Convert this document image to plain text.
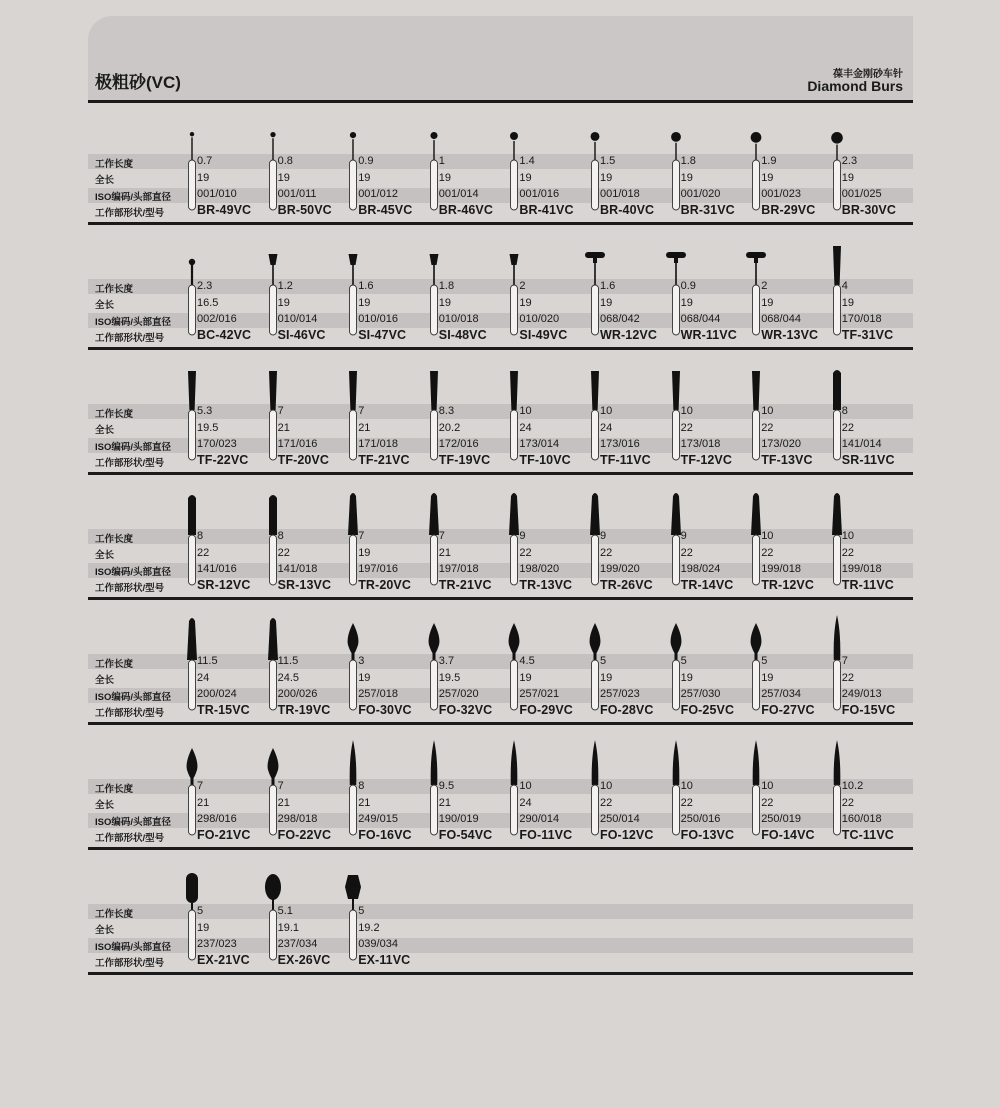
极粗砂(VC)	葆丰金刚砂车针
Diamond Burs
工作长度
全长
ISO编码/头部直径
工作部形状/型号
0.7
19
001/010
BR-49VC
0.8
19
001/011
BR-50VC
0.9
19
001/012
BR-45VC
1
19
001/014
BR-46VC
1.4
19
001/016
BR-41VC
1.5
19
001/018
BR-40VC
1.8
19
001/020
BR-31VC
1.9
19
001/023
BR-29VC
2.3
19
001/025
BR-30VC
工作长度
全长
ISO编码/头部直径
工作部形状/型号
2.3
16.5
002/016
BC-42VC
1.2
19
010/014
SI-46VC
1.6
19
010/016
SI-47VC
1.8
19
010/018
SI-48VC
2
19
010/020
SI-49VC
1.6
19
068/042
WR-12VC
0.9
19
068/044
WR-11VC
2
19
068/044
WR-13VC
4
19
170/018
TF-31VC
工作长度
全长
ISO编码/头部直径
工作部形状/型号
5.3
19.5
170/023
TF-22VC
7
21
171/016
TF-20VC
7
21
171/018
TF-21VC
8.3
20.2
172/016
TF-19VC
10
24
173/014
TF-10VC
10
24
173/016
TF-11VC
10
22
173/018
TF-12VC
10
22
173/020
TF-13VC
8
22
141/014
SR-11VC
工作长度
全长
ISO编码/头部直径
工作部形状/型号
8
22
141/016
SR-12VC
8
22
141/018
SR-13VC
7
19
197/016
TR-20VC
7
21
197/018
TR-21VC
9
22
198/020
TR-13VC
9
22
199/020
TR-26VC
9
22
198/024
TR-14VC
10
22
199/018
TR-12VC
10
22
199/018
TR-11VC
工作长度
全长
ISO编码/头部直径
工作部形状/型号
11.5
24
200/024
TR-15VC
11.5
24.5
200/026
TR-19VC
3
19
257/018
FO-30VC
3.7
19.5
257/020
FO-32VC
4.5
19
257/021
FO-29VC
5
19
257/023
FO-28VC
5
19
257/030
FO-25VC
5
19
257/034
FO-27VC
7
22
249/013
FO-15VC
工作长度
全长
ISO编码/头部直径
工作部形状/型号
7
21
298/016
FO-21VC
7
21
298/018
FO-22VC
8
21
249/015
FO-16VC
9.5
21
190/019
FO-54VC
10
24
290/014
FO-11VC
10
22
250/014
FO-12VC
10
22
250/016
FO-13VC
10
22
250/019
FO-14VC
10.2
22
160/018
TC-11VC
工作长度
全长
ISO编码/头部直径
工作部形状/型号
5
19
237/023
EX-21VC
5.1
19.1
237/034
EX-26VC
5
19.2
039/034
EX-11VC
